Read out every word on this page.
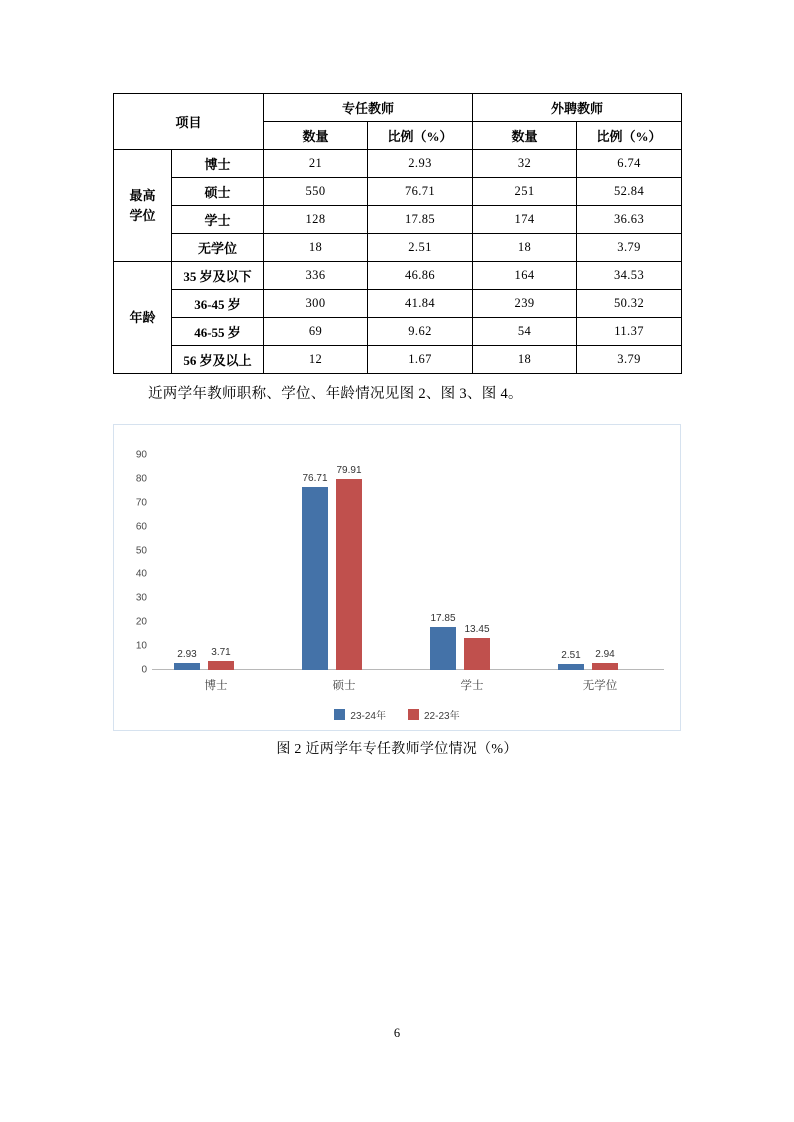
项目		专任教师		外聘教师	
		数量	比例（%）	数量	比例（%）

最高
学位	博士	21	2.93	32	6.74
	硕士	550	76.71	251	52.84
	学士	128	17.85	174	36.63
	无学位	18	2.51	18	3.79
年龄	35 岁及以下	336	46.86	164	34.53
	36-45 岁	300	41.84	239	50.32
	46-55 岁	69	9.62	54	11.37
	56 岁及以上	12	1.67	18	3.79
近两学年教师职称、学位、年龄情况见图 2、图 3、图 4。
2.93 3.71
博士
76.71
79.91
硕士
17.85
13.45
学士
2.51 2.94
无学位
0
10
20
30
40
50
60
70
80
90
23-24年	22-23年
图 2 近两学年专任教师学位情况（%）
6
